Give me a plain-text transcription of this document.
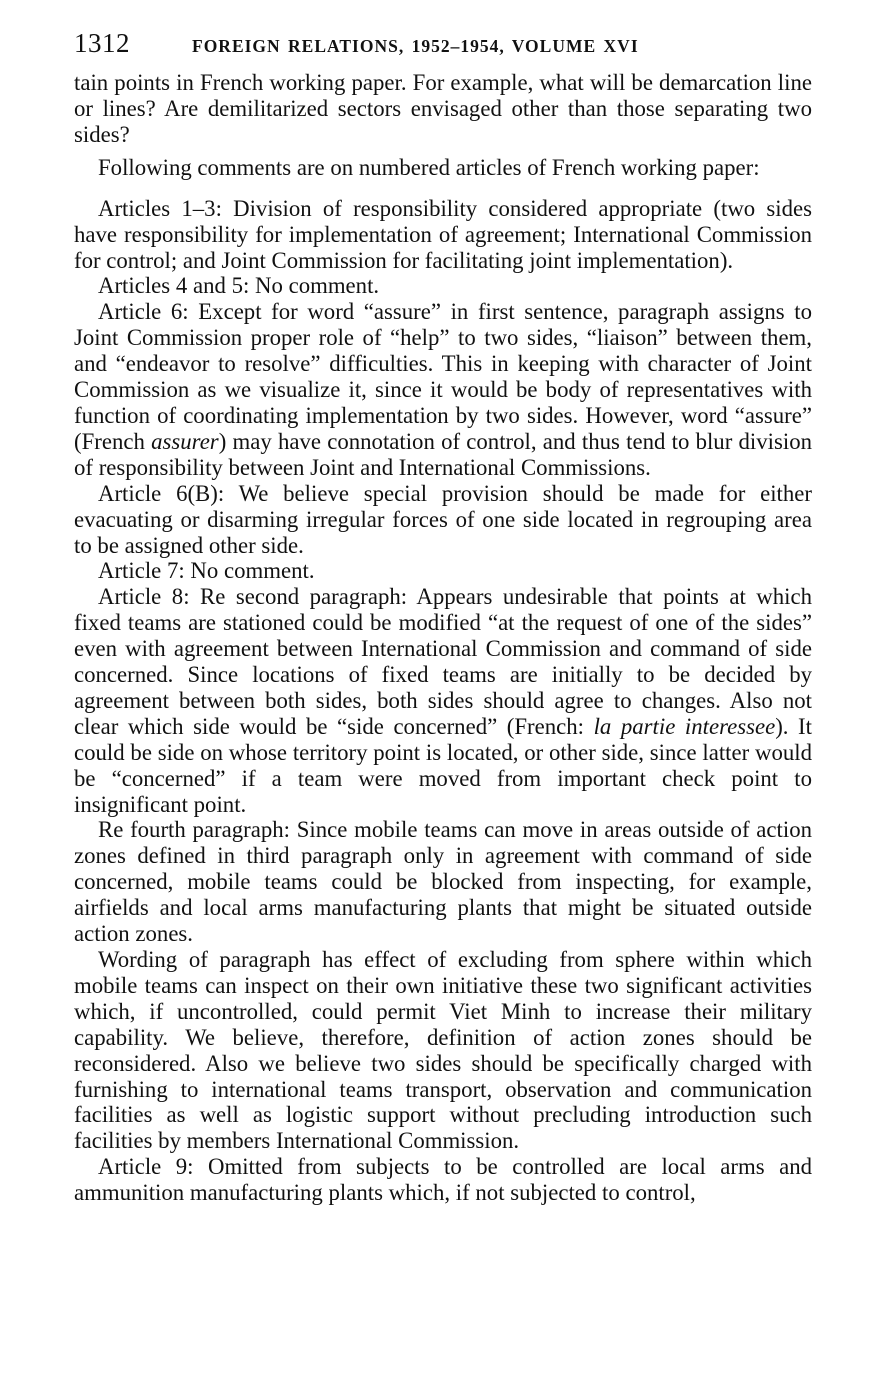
1312	FOREIGN RELATIONS, 1952–1954, VOLUME XVI

tain points in French working paper. For example, what will be demarcation line or lines? Are demilitarized sectors envisaged other than those separating two sides?

Following comments are on numbered articles of French working paper:

Articles 1–3: Division of responsibility considered appropriate (two sides have responsibility for implementation of agreement; International Commission for control; and Joint Commission for facilitating joint implementation).

Articles 4 and 5: No comment.

Article 6: Except for word “assure” in first sentence, paragraph assigns to Joint Commission proper role of “help” to two sides, “liaison” between them, and “endeavor to resolve” difficulties. This in keeping with character of Joint Commission as we visualize it, since it would be body of representatives with function of coordinating implementation by two sides. However, word “assure” (French assurer) may have connotation of control, and thus tend to blur division of responsibility between Joint and International Commissions.

Article 6(B): We believe special provision should be made for either evacuating or disarming irregular forces of one side located in regrouping area to be assigned other side.

Article 7: No comment.

Article 8: Re second paragraph: Appears undesirable that points at which fixed teams are stationed could be modified “at the request of one of the sides” even with agreement between International Commission and command of side concerned. Since locations of fixed teams are initially to be decided by agreement between both sides, both sides should agree to changes. Also not clear which side would be “side concerned” (French: la partie interessee). It could be side on whose territory point is located, or other side, since latter would be “concerned” if a team were moved from important check point to insignificant point.

Re fourth paragraph: Since mobile teams can move in areas outside of action zones defined in third paragraph only in agreement with command of side concerned, mobile teams could be blocked from inspecting, for example, airfields and local arms manufacturing plants that might be situated outside action zones.

Wording of paragraph has effect of excluding from sphere within which mobile teams can inspect on their own initiative these two significant activities which, if uncontrolled, could permit Viet Minh to increase their military capability. We believe, therefore, definition of action zones should be reconsidered. Also we believe two sides should be specifically charged with furnishing to international teams transport, observation and communication facilities as well as logistic support without precluding introduction such facilities by members International Commission.

Article 9: Omitted from subjects to be controlled are local arms and ammunition manufacturing plants which, if not subjected to control,
